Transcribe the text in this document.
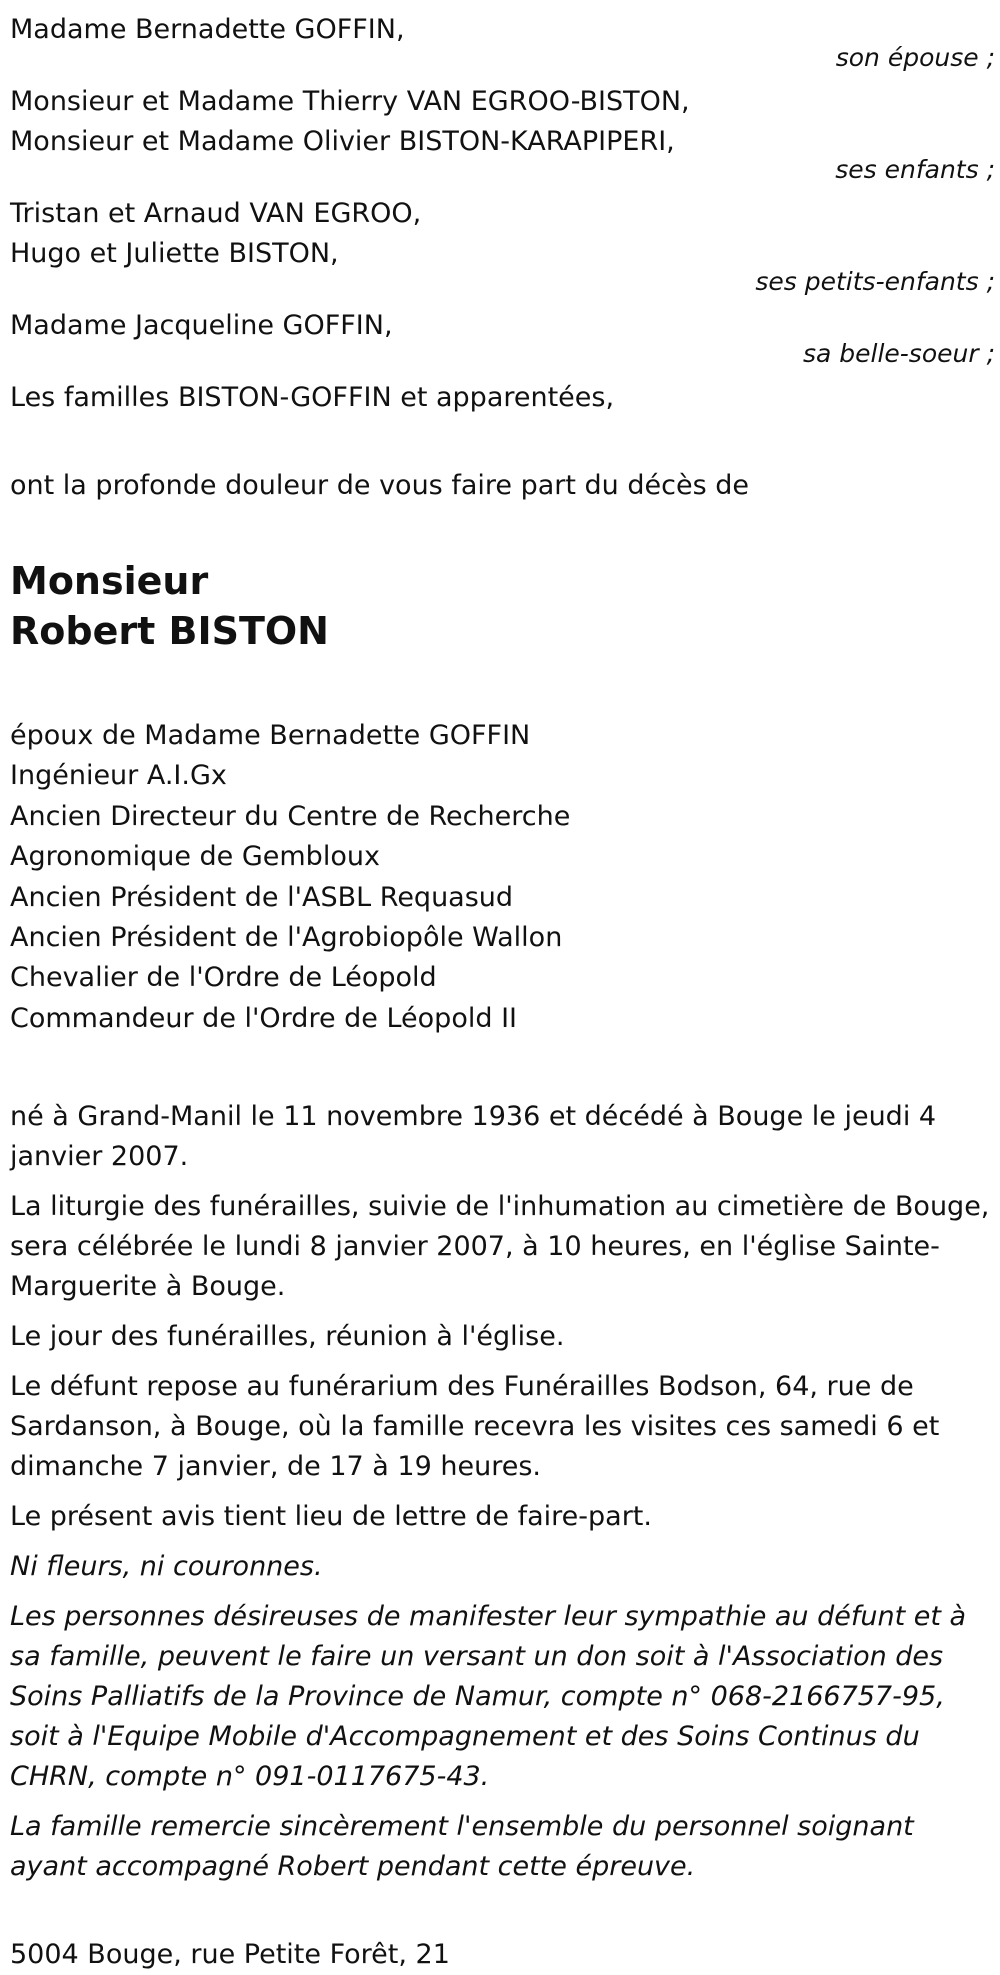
Madame Bernadette GOFFIN,
son épouse ;
Monsieur et Madame Thierry VAN EGROO-BISTON,
Monsieur et Madame Olivier BISTON-KARAPIPERI,
ses enfants ;
Tristan et Arnaud VAN EGROO,
Hugo et Juliette BISTON,
ses petits-enfants ;
Madame Jacqueline GOFFIN,
sa belle-soeur ;
Les familles BISTON-GOFFIN et apparentées,
ont la profonde douleur de vous faire part du décès de
Monsieur
Robert BISTON
époux de Madame Bernadette GOFFIN
Ingénieur A.I.Gx
Ancien Directeur du Centre de Recherche
Agronomique de Gembloux
Ancien Président de l'ASBL Requasud
Ancien Président de l'Agrobiopôle Wallon
Chevalier de l'Ordre de Léopold
Commandeur de l'Ordre de Léopold II
né à Grand-Manil le 11 novembre 1936 et décédé à Bouge le jeudi 4 janvier 2007.
La liturgie des funérailles, suivie de l'inhumation au cimetière de Bouge, sera célébrée le lundi 8 janvier 2007, à 10 heures, en l'église Sainte-Marguerite à Bouge.
Le jour des funérailles, réunion à l'église.
Le défunt repose au funérarium des Funérailles Bodson, 64, rue de Sardanson, à Bouge, où la famille recevra les visites ces samedi 6 et dimanche 7 janvier, de 17 à 19 heures.
Le présent avis tient lieu de lettre de faire-part.
Ni fleurs, ni couronnes.
Les personnes désireuses de manifester leur sympathie au défunt et à sa famille, peuvent le faire un versant un don soit à l'Association des Soins Palliatifs de la Province de Namur, compte n° 068-2166757-95, soit à l'Equipe Mobile d'Accompagnement et des Soins Continus du CHRN, compte n° 091-0117675-43.
La famille remercie sincèrement l'ensemble du personnel soignant ayant accompagné Robert pendant cette épreuve.
5004 Bouge, rue Petite Forêt, 21
